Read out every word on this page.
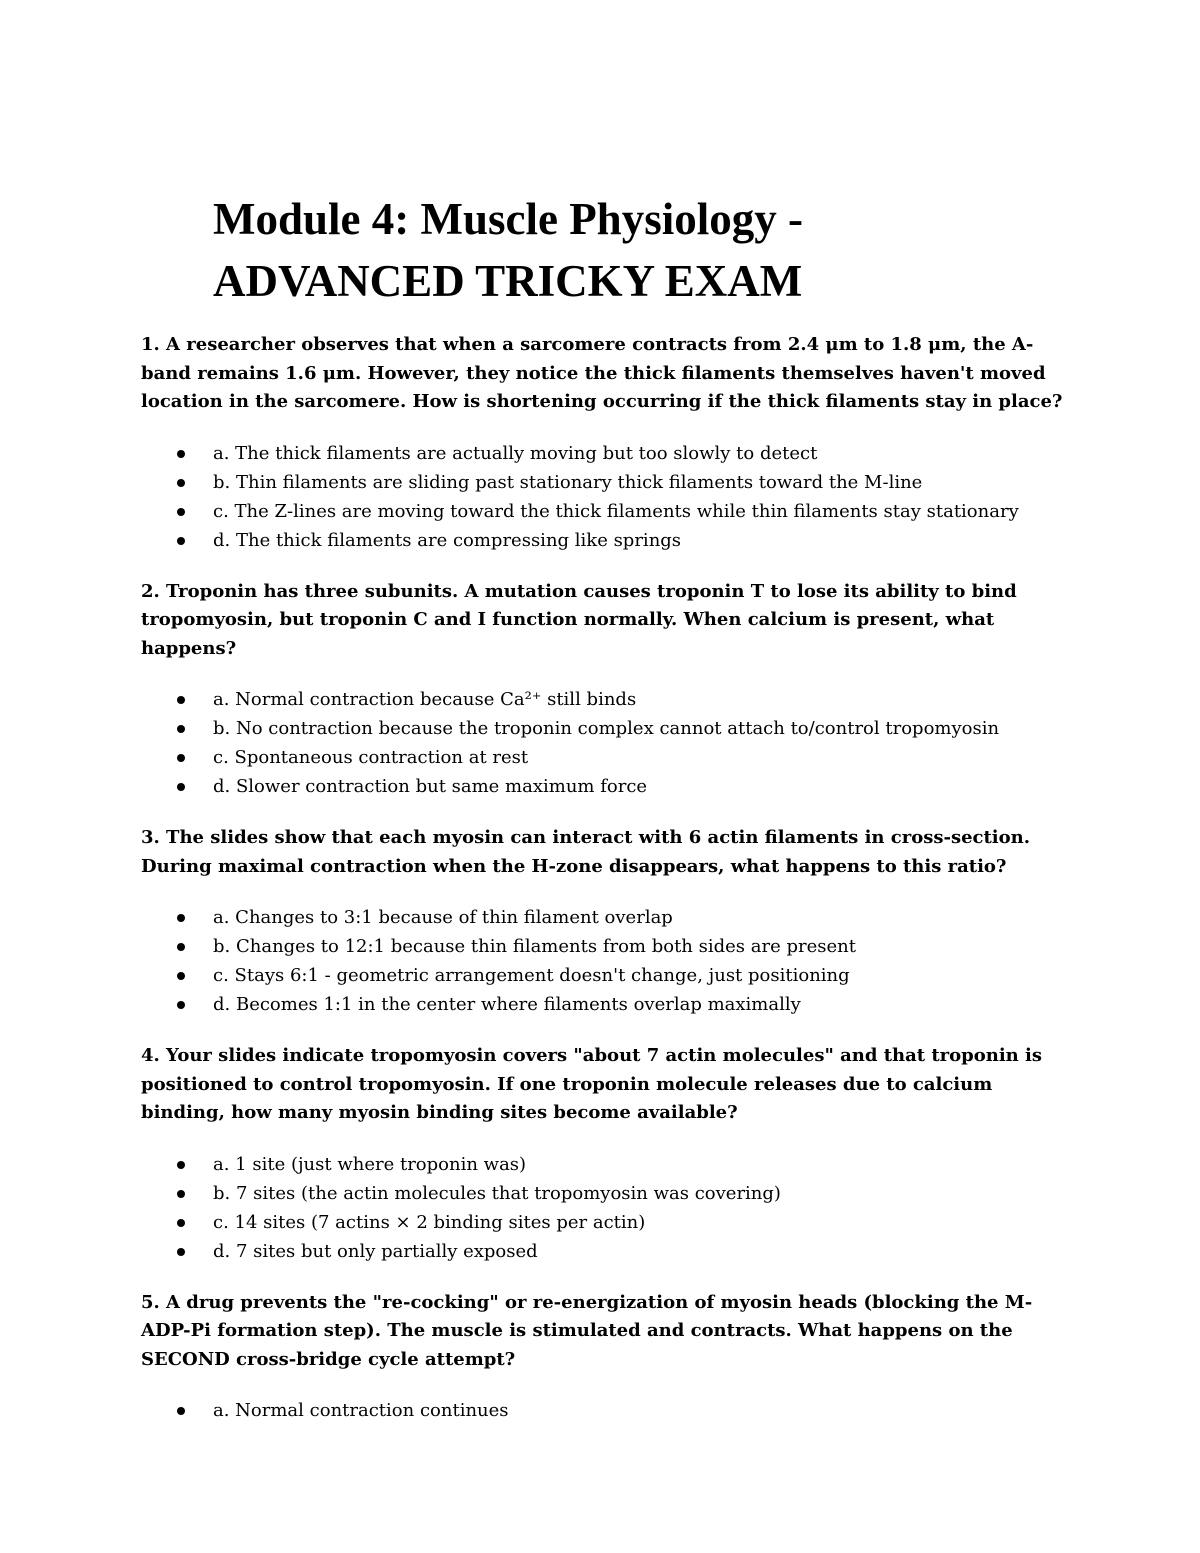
Module 4: Muscle Physiology -
ADVANCED TRICKY EXAM

1. A researcher observes that when a sarcomere contracts from 2.4 μm to 1.8 μm, the A-band remains 1.6 μm. However, they notice the thick filaments themselves haven't moved location in the sarcomere. How is shortening occurring if the thick filaments stay in place?

a. The thick filaments are actually moving but too slowly to detect
b. Thin filaments are sliding past stationary thick filaments toward the M-line
c. The Z-lines are moving toward the thick filaments while thin filaments stay stationary
d. The thick filaments are compressing like springs

2. Troponin has three subunits. A mutation causes troponin T to lose its ability to bind tropomyosin, but troponin C and I function normally. When calcium is present, what happens?

a. Normal contraction because Ca²⁺ still binds
b. No contraction because the troponin complex cannot attach to/control tropomyosin
c. Spontaneous contraction at rest
d. Slower contraction but same maximum force

3. The slides show that each myosin can interact with 6 actin filaments in cross-section. During maximal contraction when the H-zone disappears, what happens to this ratio?

a. Changes to 3:1 because of thin filament overlap
b. Changes to 12:1 because thin filaments from both sides are present
c. Stays 6:1 - geometric arrangement doesn't change, just positioning
d. Becomes 1:1 in the center where filaments overlap maximally

4. Your slides indicate tropomyosin covers "about 7 actin molecules" and that troponin is positioned to control tropomyosin. If one troponin molecule releases due to calcium binding, how many myosin binding sites become available?

a. 1 site (just where troponin was)
b. 7 sites (the actin molecules that tropomyosin was covering)
c. 14 sites (7 actins × 2 binding sites per actin)
d. 7 sites but only partially exposed

5. A drug prevents the "re-cocking" or re-energization of myosin heads (blocking the M-ADP-Pi formation step). The muscle is stimulated and contracts. What happens on the SECOND cross-bridge cycle attempt?

a. Normal contraction continues
